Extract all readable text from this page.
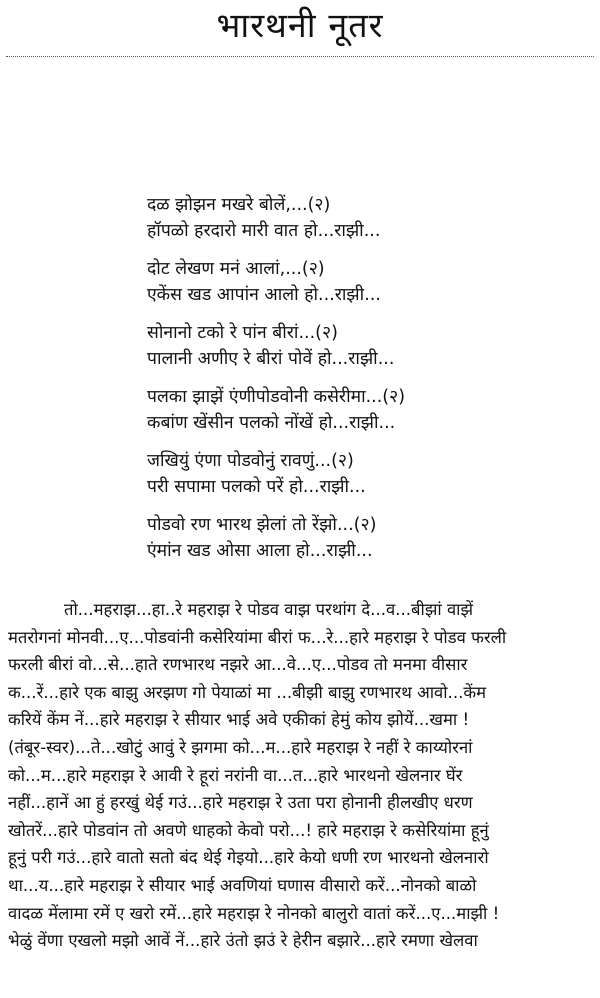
भारथनी नूतर
दळ झोझन मखरे बोलें,...(२)
हॉपळो हरदारो मारी वात हो...राझी...
दोट लेखण मनं आलां,...(२)
एकेंस खड आपांन आलो हो...राझी...
सोनानो टको रे पांन बीरां...(२)
पालानी अणीए रे बीरां पोवें हो...राझी...
पलका झाझें एंणीपोडवोनी कसेरीमा...(२)
कबांण खेंसीन पलको नोंखें हो...राझी...
जखियुं एंणा पोडवोनुं रावणुं...(२)
परी सपामा पलको परें हो...राझी...
पोडवो रण भारथ झेलां तो रेंझो...(२)
एंमांन खड ओसा आला हो...राझी...
तो...महराझ...हा..रे महराझ रे पोडव वाझ परथांग दे...व...बीझां वाझें
मतरोगनां मोनवी...ए...पोडवांनी कसेरियांमा बीरां फ...रे...हारे महराझ रे पोडव फरली
फरली बीरां वो...से...हाते रणभारथ नझरे आ...वे...ए...पोडव तो मनमा वीसार
क...रें...हारे एक बाझु अरझण गो पेयाळां मा ...बीझी बाझु रणभारथ आवो...केंम
करियें केंम नें...हारे महराझ रे सीयार भाई अवे एकीकां हेमुं कोय झोयें...खमा !
(तंबूर-स्वर)...ते...खोटुं आवुं रे झगमा को...म...हारे महराझ रे नहीं रे काय्योरनां
को...म...हारे महराझ रे आवी रे हूरां नरांनी वा...त...हारे भारथनो खेलनार घेंर
नहीं...हानें आ हुं हरखुं थेई गउं...हारे महराझ रे उता परा होनानी हीलखीए धरण
खोतरें...हारे पोडवांन तो अवणे धाहको केवो परो...! हारे महराझ रे कसेरियांमा हूनुं
हूनुं परी गउं...हारे वातो सतो बंद थेई गेइयो...हारे केयो धणी रण भारथनो खेलनारो
था...य...हारे महराझ रे सीयार भाई अवणियां घणास वीसारो करें...नोनको बाळो
वादळ मेंलामा रमें ए खरो रमें...हारे महराझ रे नोनको बालुरो वातां करें...ए...माझी !
भेळुं वेंणा एखलो मझो आवें नें...हारे उंतो झउं रे हेरीन बझारे...हारे रमणा खेलवा
